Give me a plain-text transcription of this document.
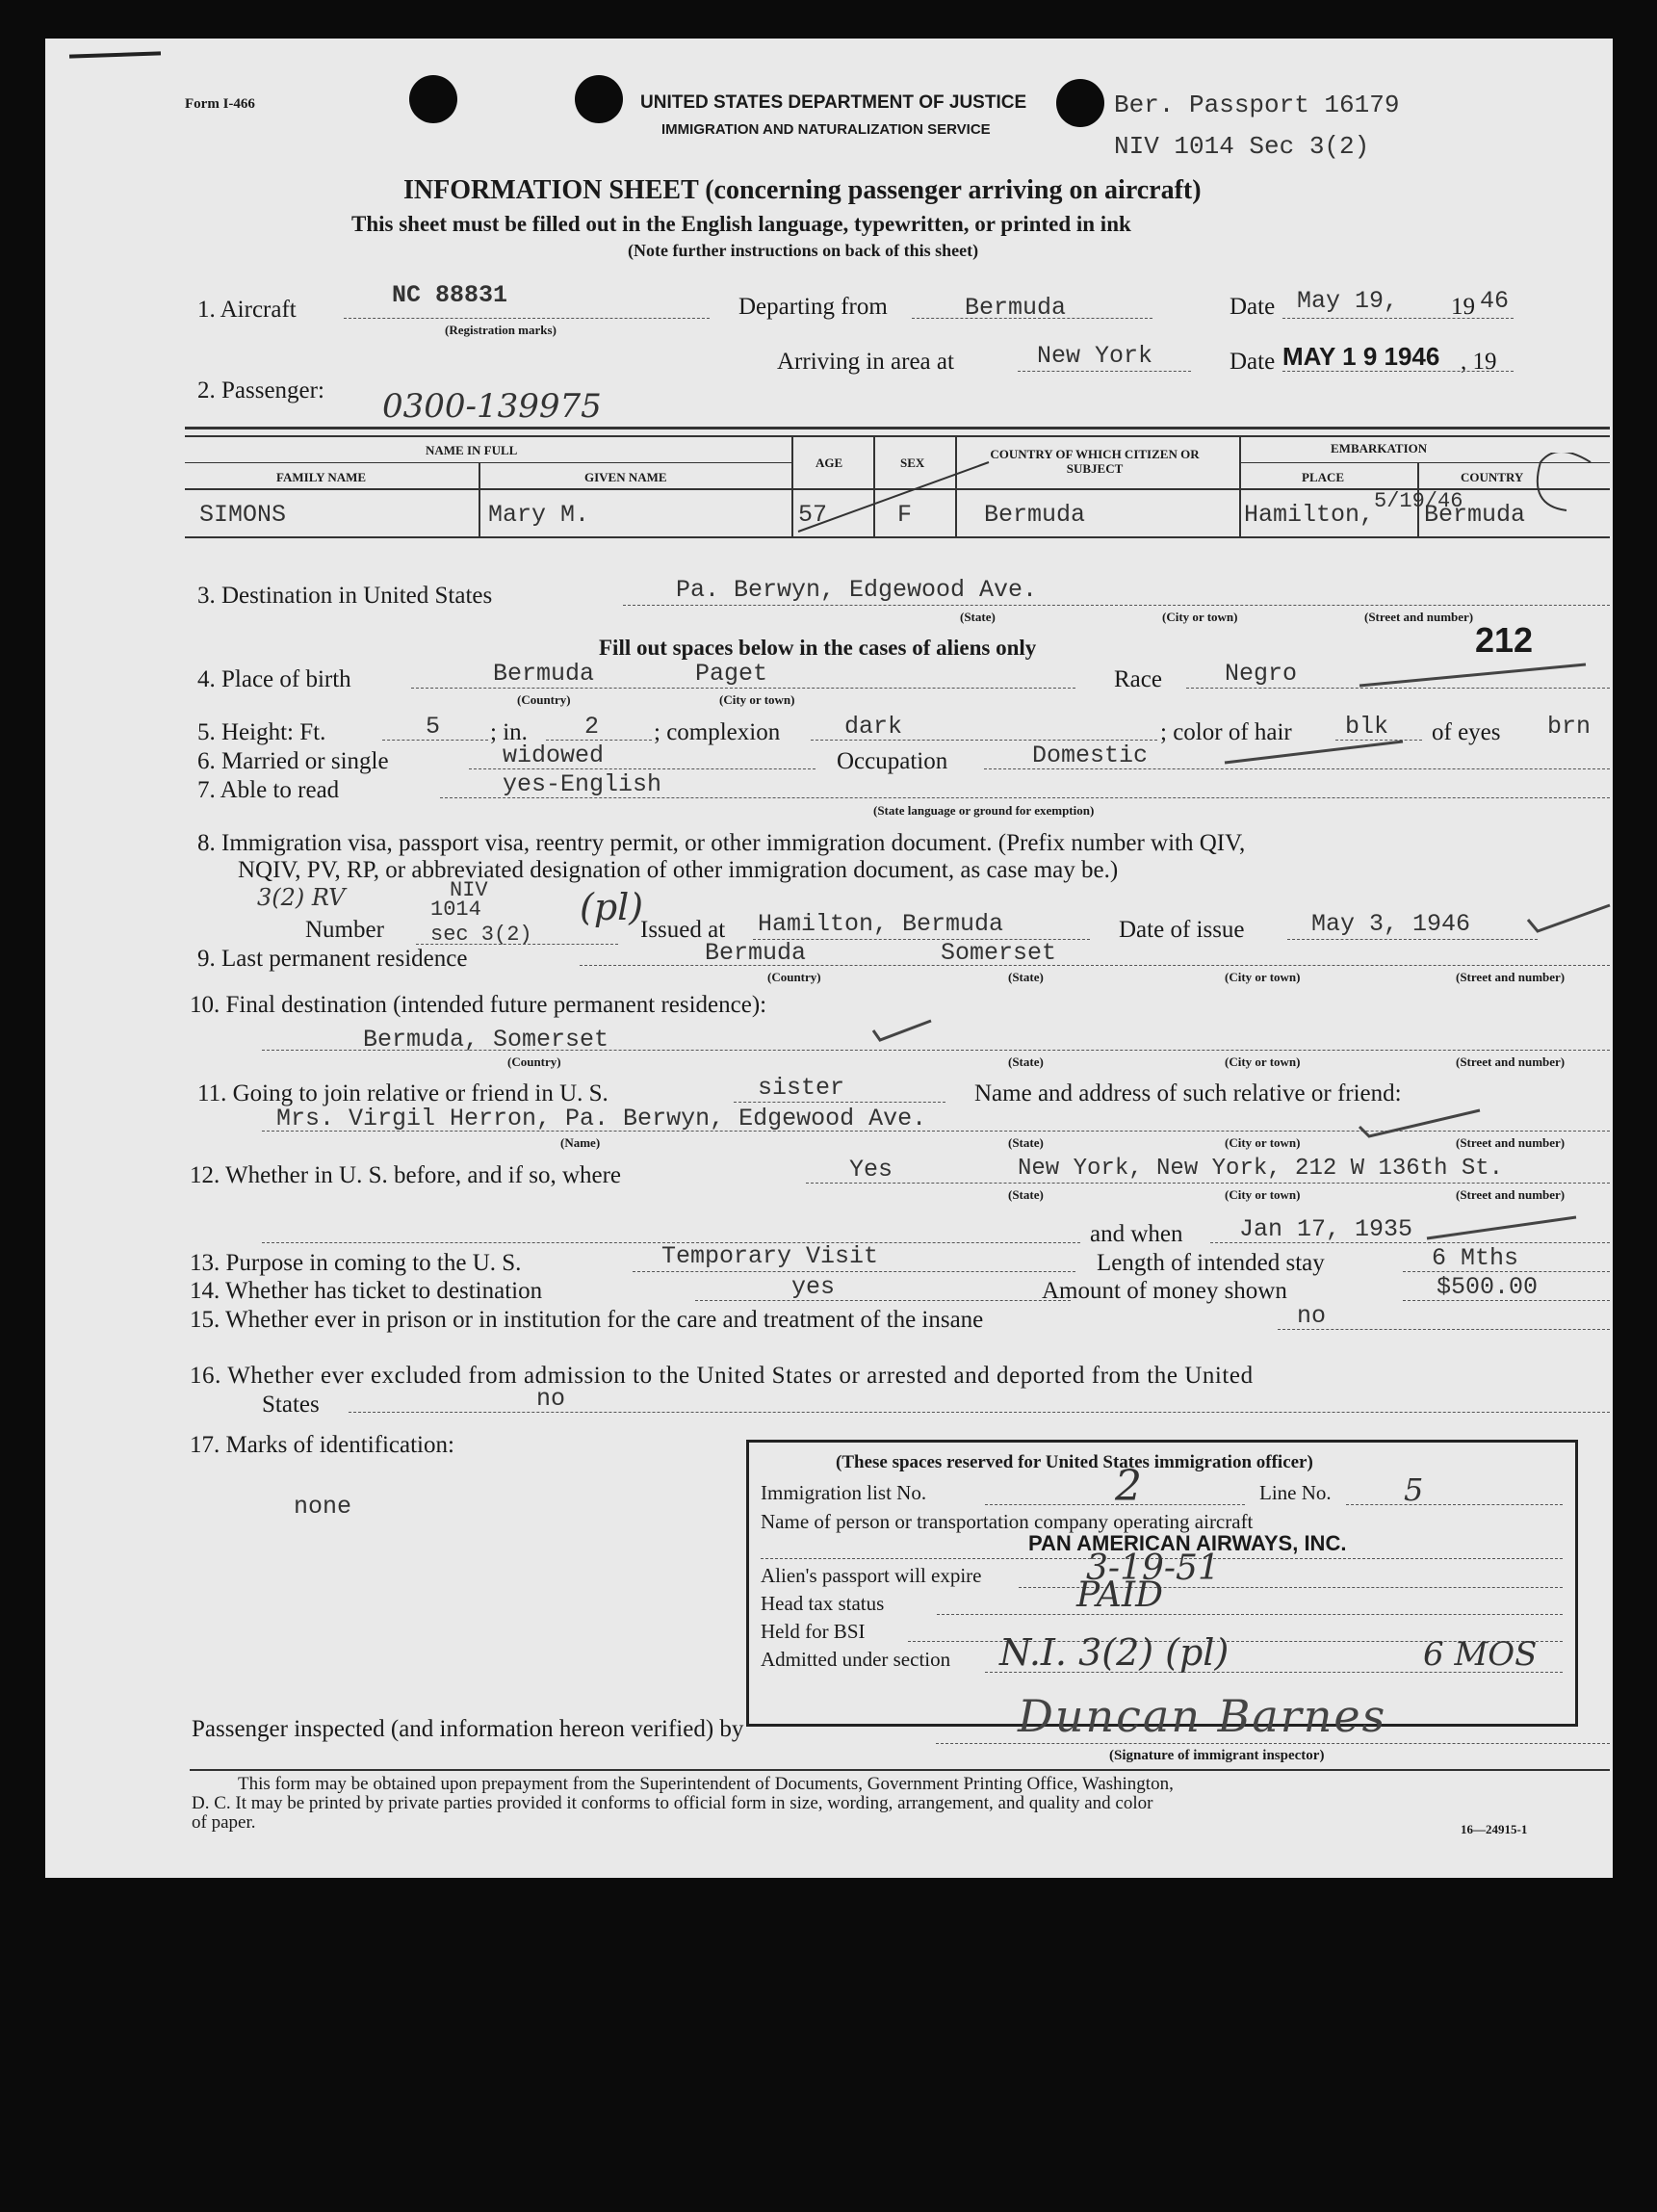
Form I-466	UNITED STATES DEPARTMENT OF JUSTICE
IMMIGRATION AND NATURALIZATION SERVICE
Ber. Passport 16179
NIV 1014 Sec 3(2)
INFORMATION SHEET (concerning passenger arriving on aircraft)
This sheet must be filled out in the English language, typewritten, or printed in ink
(Note further instructions on back of this sheet)
1. Aircraft
NC 88831
(Registration marks)
Departing from	Bermuda	Date May 19, 19 46
Arriving in area at	New York	Date MAY 1 9 1946 , 19
2. Passenger: 0300-139975
NAME IN FULL
FAMILY NAME	GIVEN NAME
AGE	SEX
COUNTRY OF WHICH CITIZEN OR SUBJECT
EMBARKATION
PLACE	COUNTRY
SIMONS	Mary M.	57	F	Bermuda	Hamilton, Bermuda
5/19/46
3. Destination in United States	Pa. Berwyn, Edgewood Ave.
(State)	(City or town)	(Street and number)
212
Fill out spaces below in the cases of aliens only
4. Place of birth	Bermuda	Paget
(Country)	(City or town)
Race	Negro
5. Height: Ft.	5 ; in. 2 ; complexion	dark	; color of hair blk of eyes brn
6. Married or single	widowed	Occupation	Domestic
7. Able to read	yes-English
(State language or ground for exemption)
8. Immigration visa, passport visa, reentry permit, or other immigration document. (Prefix number with QIV,
NQIV, PV, RP, or abbreviated designation of other immigration document, as case may be.)
3(2) RV
Number
NIV
1014
sec 3(2)
(pl)
Issued at Hamilton, Bermuda	Date of issue	May 3, 1946
9. Last permanent residence	Bermuda	Somerset
(Country)	(State)	(City or town)	(Street and number)
10. Final destination (intended future permanent residence):
Bermuda, Somerset
(Country)	(State)	(City or town)	(Street and number)
11. Going to join relative or friend in U. S.	sister	Name and address of such relative or friend:
Mrs. Virgil Herron, Pa. Berwyn, Edgewood Ave.
(Name)	(State)	(City or town)	(Street and number)
12. Whether in U. S. before, and if so, where	Yes	New York, New York, 212 W 136th St.
(State)	(City or town)	(Street and number)
and when Jan 17, 1935
13. Purpose in coming to the U. S.	Temporary Visit	Length of intended stay	6 Mths
14. Whether has ticket to destination	yes	Amount of money shown	$500.00
15. Whether ever in prison or in institution for the care and treatment of the insane	no
16. Whether ever excluded from admission to the United States or arrested and deported from the United
States	no
17. Marks of identification:
none
(These spaces reserved for United States immigration officer)
Immigration list No.	2	Line No. 5
Name of person or transportation company operating aircraft
PAN AMERICAN AIRWAYS, INC.
Alien's passport will expire	3-19-51
Head tax status	PAID
Held for BSI
Admitted under section N.I. 3(2) (pl)	6 MOS
Passenger inspected (and information hereon verified) by	Duncan Barnes
(Signature of immigrant inspector)
This form may be obtained upon prepayment from the Superintendent of Documents, Government Printing Office, Washington,
D. C. It may be printed by private parties provided it conforms to official form in size, wording, arrangement, and quality and color
of paper.	16—24915-1
